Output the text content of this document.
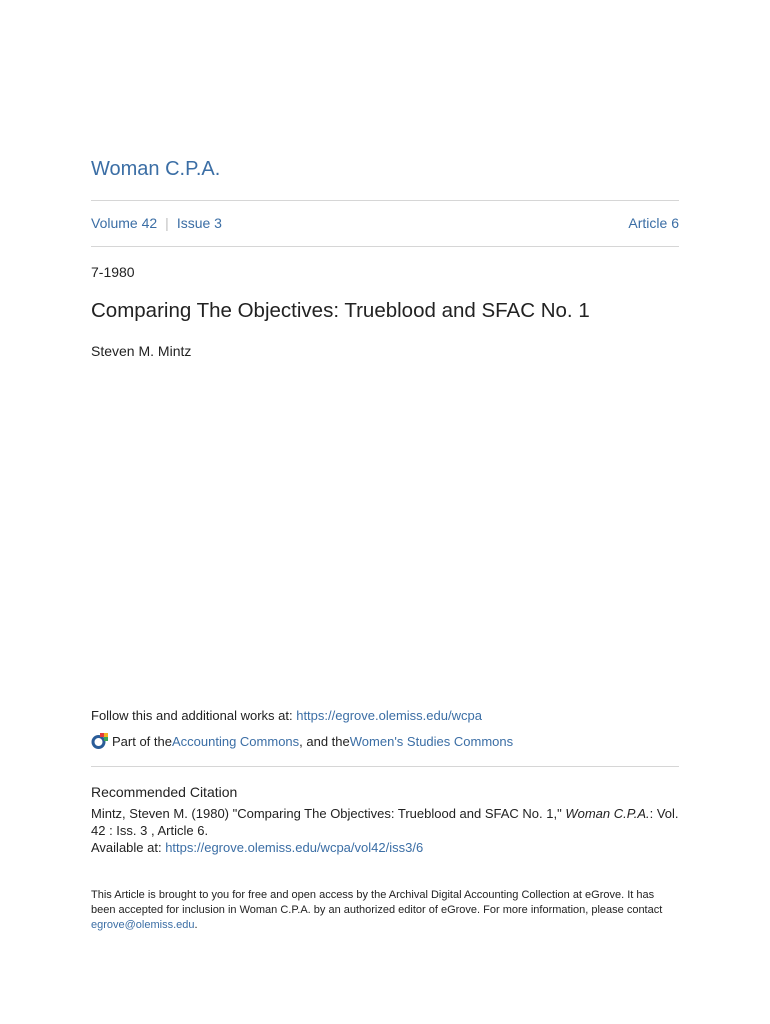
Woman C.P.A.
Volume 42 | Issue 3	Article 6
7-1980
Comparing The Objectives: Trueblood and SFAC No. 1
Steven M. Mintz
Follow this and additional works at: https://egrove.olemiss.edu/wcpa
Part of the Accounting Commons , and the Women's Studies Commons
Recommended Citation
Mintz, Steven M. (1980) "Comparing The Objectives: Trueblood and SFAC No. 1," Woman C.P.A.: Vol. 42 : Iss. 3 , Article 6.
Available at: https://egrove.olemiss.edu/wcpa/vol42/iss3/6
This Article is brought to you for free and open access by the Archival Digital Accounting Collection at eGrove. It has been accepted for inclusion in Woman C.P.A. by an authorized editor of eGrove. For more information, please contact egrove@olemiss.edu.
